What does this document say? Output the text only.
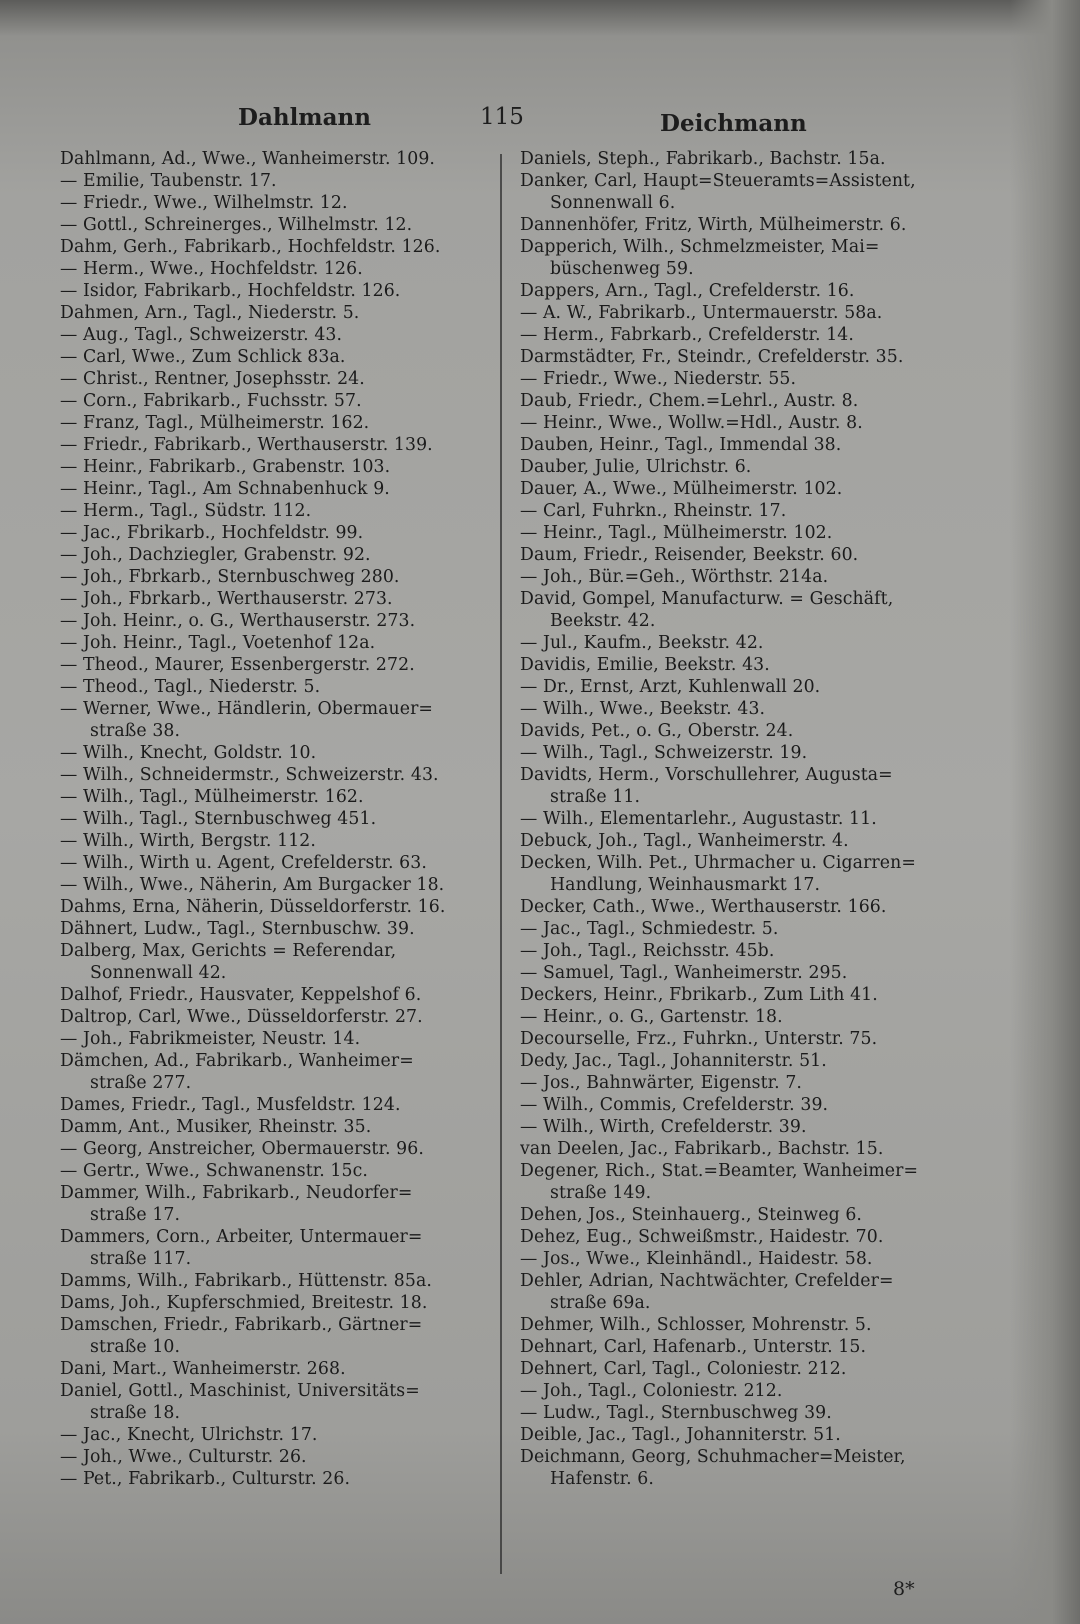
Dahlmann	115	Deichmann
Dahlmann, Ad., Wwe., Wanheimerstr. 109.
— Emilie, Taubenstr. 17.
— Friedr., Wwe., Wilhelmstr. 12.
— Gottl., Schreinerges., Wilhelmstr. 12.
Dahm, Gerh., Fabrikarb., Hochfeldstr. 126.
— Herm., Wwe., Hochfeldstr. 126.
— Isidor, Fabrikarb., Hochfeldstr. 126.
Dahmen, Arn., Tagl., Niederstr. 5.
— Aug., Tagl., Schweizerstr. 43.
— Carl, Wwe., Zum Schlick 83a.
— Christ., Rentner, Josephsstr. 24.
— Corn., Fabrikarb., Fuchsstr. 57.
— Franz, Tagl., Mülheimerstr. 162.
— Friedr., Fabrikarb., Werthauserstr. 139.
— Heinr., Fabrikarb., Grabenstr. 103.
— Heinr., Tagl., Am Schnabenhuck 9.
— Herm., Tagl., Südstr. 112.
— Jac., Fbrikarb., Hochfeldstr. 99.
— Joh., Dachziegler, Grabenstr. 92.
— Joh., Fbrkarb., Sternbuschweg 280.
— Joh., Fbrkarb., Werthauserstr. 273.
— Joh. Heinr., o. G., Werthauserstr. 273.
— Joh. Heinr., Tagl., Voetenhof 12a.
— Theod., Maurer, Essenbergerstr. 272.
— Theod., Tagl., Niederstr. 5.
— Werner, Wwe., Händlerin, Obermauer=
straße 38.
— Wilh., Knecht, Goldstr. 10.
— Wilh., Schneidermstr., Schweizerstr. 43.
— Wilh., Tagl., Mülheimerstr. 162.
— Wilh., Tagl., Sternbuschweg 451.
— Wilh., Wirth, Bergstr. 112.
— Wilh., Wirth u. Agent, Crefelderstr. 63.
— Wilh., Wwe., Näherin, Am Burgacker 18.
Dahms, Erna, Näherin, Düsseldorferstr. 16.
Dähnert, Ludw., Tagl., Sternbuschw. 39.
Dalberg, Max, Gerichts = Referendar,
Sonnenwall 42.
Dalhof, Friedr., Hausvater, Keppelshof 6.
Daltrop, Carl, Wwe., Düsseldorferstr. 27.
— Joh., Fabrikmeister, Neustr. 14.
Dämchen, Ad., Fabrikarb., Wanheimer=
straße 277.
Dames, Friedr., Tagl., Musfeldstr. 124.
Damm, Ant., Musiker, Rheinstr. 35.
— Georg, Anstreicher, Obermauerstr. 96.
— Gertr., Wwe., Schwanenstr. 15c.
Dammer, Wilh., Fabrikarb., Neudorfer=
straße 17.
Dammers, Corn., Arbeiter, Untermauer=
straße 117.
Damms, Wilh., Fabrikarb., Hüttenstr. 85a.
Dams, Joh., Kupferschmied, Breitestr. 18.
Damschen, Friedr., Fabrikarb., Gärtner=
straße 10.
Dani, Mart., Wanheimerstr. 268.
Daniel, Gottl., Maschinist, Universitäts=
straße 18.
— Jac., Knecht, Ulrichstr. 17.
— Joh., Wwe., Culturstr. 26.
— Pet., Fabrikarb., Culturstr. 26.
Daniels, Steph., Fabrikarb., Bachstr. 15a.
Danker, Carl, Haupt=Steueramts=Assistent,
Sonnenwall 6.
Dannenhöfer, Fritz, Wirth, Mülheimerstr. 6.
Dapperich, Wilh., Schmelzmeister, Mai=
büschenweg 59.
Dappers, Arn., Tagl., Crefelderstr. 16.
— A. W., Fabrikarb., Untermauerstr. 58a.
— Herm., Fabrkarb., Crefelderstr. 14.
Darmstädter, Fr., Steindr., Crefelderstr. 35.
— Friedr., Wwe., Niederstr. 55.
Daub, Friedr., Chem.=Lehrl., Austr. 8.
— Heinr., Wwe., Wollw.=Hdl., Austr. 8.
Dauben, Heinr., Tagl., Immendal 38.
Dauber, Julie, Ulrichstr. 6.
Dauer, A., Wwe., Mülheimerstr. 102.
— Carl, Fuhrkn., Rheinstr. 17.
— Heinr., Tagl., Mülheimerstr. 102.
Daum, Friedr., Reisender, Beekstr. 60.
— Joh., Bür.=Geh., Wörthstr. 214a.
David, Gompel, Manufacturw. = Geschäft,
Beekstr. 42.
— Jul., Kaufm., Beekstr. 42.
Davidis, Emilie, Beekstr. 43.
— Dr., Ernst, Arzt, Kuhlenwall 20.
— Wilh., Wwe., Beekstr. 43.
Davids, Pet., o. G., Oberstr. 24.
— Wilh., Tagl., Schweizerstr. 19.
Davidts, Herm., Vorschullehrer, Augusta=
straße 11.
— Wilh., Elementarlehr., Augustastr. 11.
Debuck, Joh., Tagl., Wanheimerstr. 4.
Decken, Wilh. Pet., Uhrmacher u. Cigarren=
Handlung, Weinhausmarkt 17.
Decker, Cath., Wwe., Werthauserstr. 166.
— Jac., Tagl., Schmiedestr. 5.
— Joh., Tagl., Reichsstr. 45b.
— Samuel, Tagl., Wanheimerstr. 295.
Deckers, Heinr., Fbrikarb., Zum Lith 41.
— Heinr., o. G., Gartenstr. 18.
Decourselle, Frz., Fuhrkn., Unterstr. 75.
Dedy, Jac., Tagl., Johanniterstr. 51.
— Jos., Bahnwärter, Eigenstr. 7.
— Wilh., Commis, Crefelderstr. 39.
— Wilh., Wirth, Crefelderstr. 39.
van Deelen, Jac., Fabrikarb., Bachstr. 15.
Degener, Rich., Stat.=Beamter, Wanheimer=
straße 149.
Dehen, Jos., Steinhauerg., Steinweg 6.
Dehez, Eug., Schweißmstr., Haidestr. 70.
— Jos., Wwe., Kleinhändl., Haidestr. 58.
Dehler, Adrian, Nachtwächter, Crefelder=
straße 69a.
Dehmer, Wilh., Schlosser, Mohrenstr. 5.
Dehnart, Carl, Hafenarb., Unterstr. 15.
Dehnert, Carl, Tagl., Coloniestr. 212.
— Joh., Tagl., Coloniestr. 212.
— Ludw., Tagl., Sternbuschweg 39.
Deible, Jac., Tagl., Johanniterstr. 51.
Deichmann, Georg, Schuhmacher=Meister,
Hafenstr. 6.
8*
